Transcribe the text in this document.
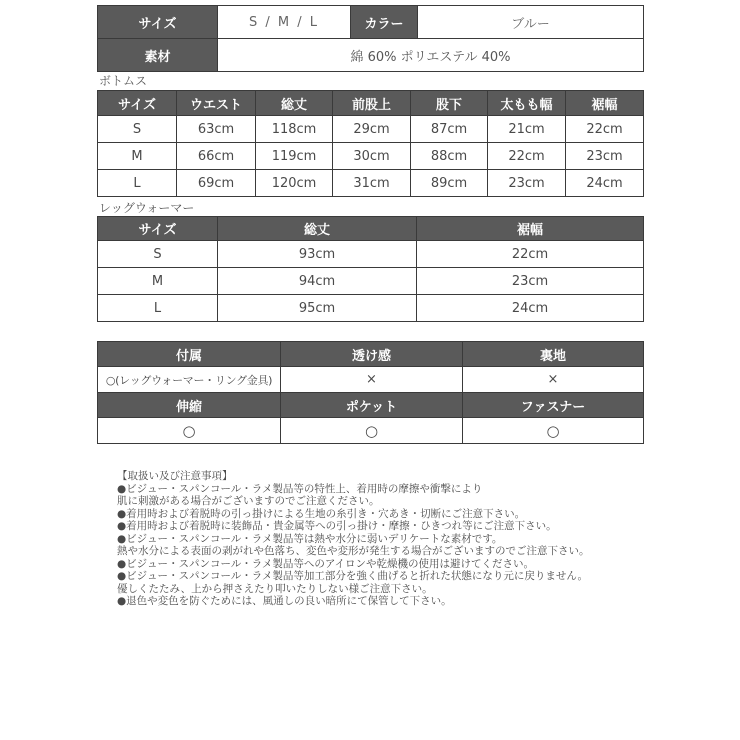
サイズ	S / M / L	カラー	ブルー
素材	綿 60% ポリエステル 40%		
ボトムス
サイズ	ウエスト	総丈	前股上	股下	太もも幅	裾幅
S	63cm	118cm	29cm	87cm	21cm	22cm
M	66cm	119cm	30cm	88cm	22cm	23cm
L	69cm	120cm	31cm	89cm	23cm	24cm
レッグウォーマー
サイズ	総丈	裾幅
S	93cm	22cm
M	94cm	23cm
L	95cm	24cm
付属	透け感	裏地
○(レッグウォーマー・リング金具)	×	×
伸縮	ポケット	ファスナー
○	○	○
【取扱い及び注意事項】
●ビジュー・スパンコール・ラメ製品等の特性上、着用時の摩擦や衝撃により
肌に刺激がある場合がございますのでご注意ください。
●着用時および着脱時の引っ掛けによる生地の糸引き・穴あき・切断にご注意下さい。
●着用時および着脱時に装飾品・貴金属等への引っ掛け・摩擦・ひきつれ等にご注意下さい。
●ビジュー・スパンコール・ラメ製品等は熱や水分に弱いデリケートな素材です。
熱や水分による表面の剥がれや色落ち、変色や変形が発生する場合がございますのでご注意下さい。
●ビジュー・スパンコール・ラメ製品等へのアイロンや乾燥機の使用は避けてください。
●ビジュー・スパンコール・ラメ製品等加工部分を強く曲げると折れた状態になり元に戻りません。
優しくたたみ、上から押さえたり叩いたりしない様ご注意下さい。
●退色や変色を防ぐためには、風通しの良い暗所にて保管して下さい。
